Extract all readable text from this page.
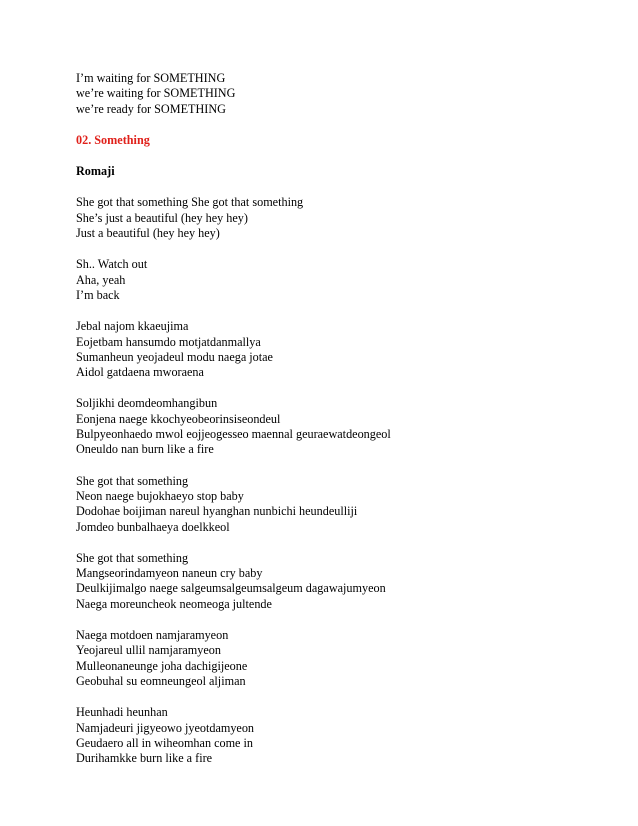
I’m waiting for SOMETHING

we’re waiting for SOMETHING

we’re ready for SOMETHING

02. Something

Romaji

She got that something She got that something

She’s just a beautiful (hey hey hey)

Just a beautiful (hey hey hey)

Sh.. Watch out

Aha, yeah

I’m back

Jebal najom kkaeujima

Eojetbam hansumdo motjatdanmallya

Sumanheun yeojadeul modu naega jotae

Aidol gatdaena mworaena

Soljikhi deomdeomhangibun

Eonjena naege kkochyeobeorinsiseondeul

Bulpyeonhaedo mwol eojjeogesseo maennal geuraewatdeongeol

Oneuldo nan burn like a fire

She got that something

Neon naege bujokhaeyo stop baby

Dodohae boijiman nareul hyanghan nunbichi heundeulliji

Jomdeo bunbalhaeya doelkkeol

She got that something

Mangseorindamyeon naneun cry baby

Deulkijimalgo naege salgeumsalgeumsalgeum dagawajumyeon

Naega moreuncheok neomeoga jultende

Naega motdoen namjaramyeon

Yeojareul ullil namjaramyeon

Mulleonaneunge joha dachigijeone

Geobuhal su eomneungeol aljiman

Heunhadi heunhan

Namjadeuri jigyeowo jyeotdamyeon

Geudaero all in wiheomhan come in

Durihamkke burn like a fire
